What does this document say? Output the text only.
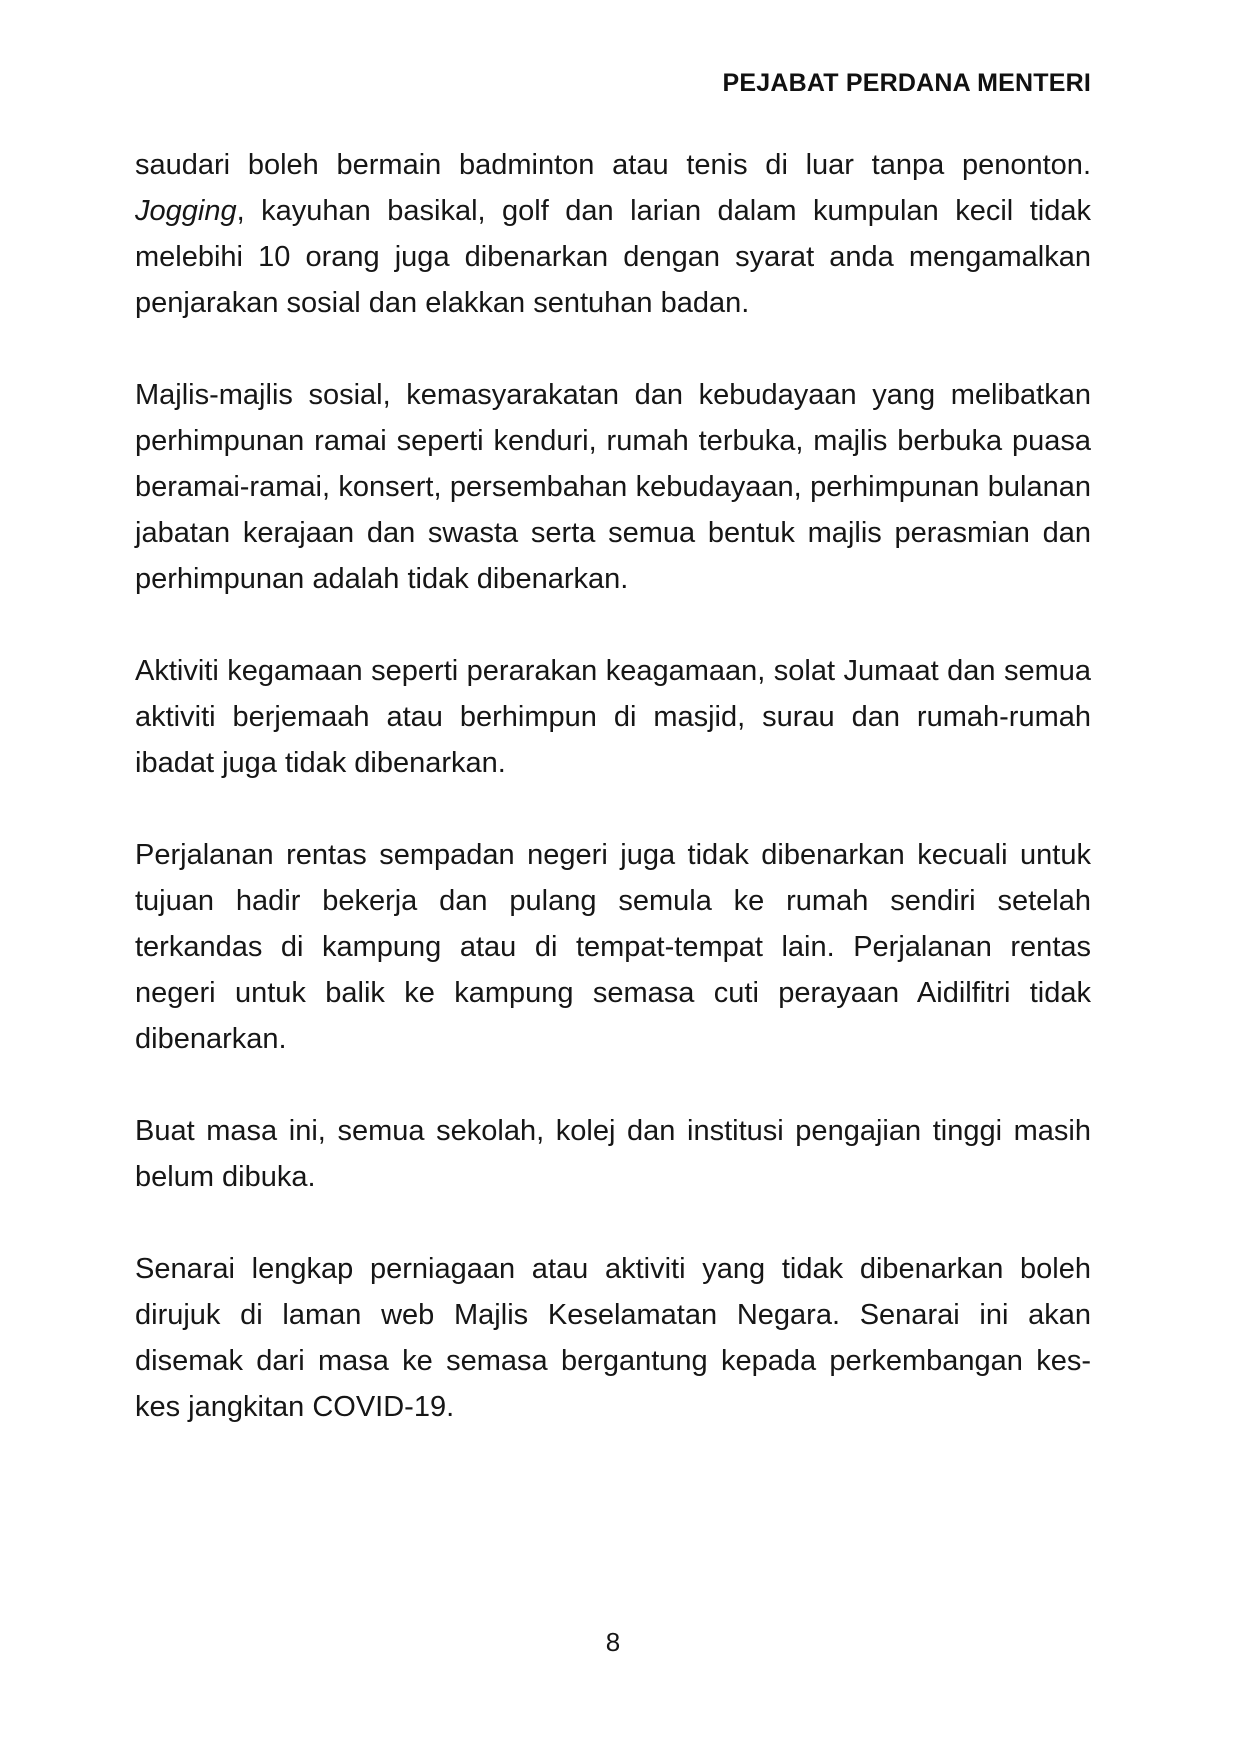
PEJABAT PERDANA MENTERI

saudari boleh bermain badminton atau tenis di luar tanpa penonton. Jogging, kayuhan basikal, golf dan larian dalam kumpulan kecil tidak melebihi 10 orang juga dibenarkan dengan syarat anda mengamalkan penjarakan sosial dan elakkan sentuhan badan.

Majlis-majlis sosial, kemasyarakatan dan kebudayaan yang melibatkan perhimpunan ramai seperti kenduri, rumah terbuka, majlis berbuka puasa beramai-ramai, konsert, persembahan kebudayaan, perhimpunan bulanan jabatan kerajaan dan swasta serta semua bentuk majlis perasmian dan perhimpunan adalah tidak dibenarkan.

Aktiviti kegamaan seperti perarakan keagamaan, solat Jumaat dan semua aktiviti berjemaah atau berhimpun di masjid, surau dan rumah-rumah ibadat juga tidak dibenarkan.

Perjalanan rentas sempadan negeri juga tidak dibenarkan kecuali untuk tujuan hadir bekerja dan pulang semula ke rumah sendiri setelah terkandas di kampung atau di tempat-tempat lain. Perjalanan rentas negeri untuk balik ke kampung semasa cuti perayaan Aidilfitri tidak dibenarkan.

Buat masa ini, semua sekolah, kolej dan institusi pengajian tinggi masih belum dibuka.

Senarai lengkap perniagaan atau aktiviti yang tidak dibenarkan boleh dirujuk di laman web Majlis Keselamatan Negara. Senarai ini akan disemak dari masa ke semasa bergantung kepada perkembangan kes-kes jangkitan COVID-19.

8
